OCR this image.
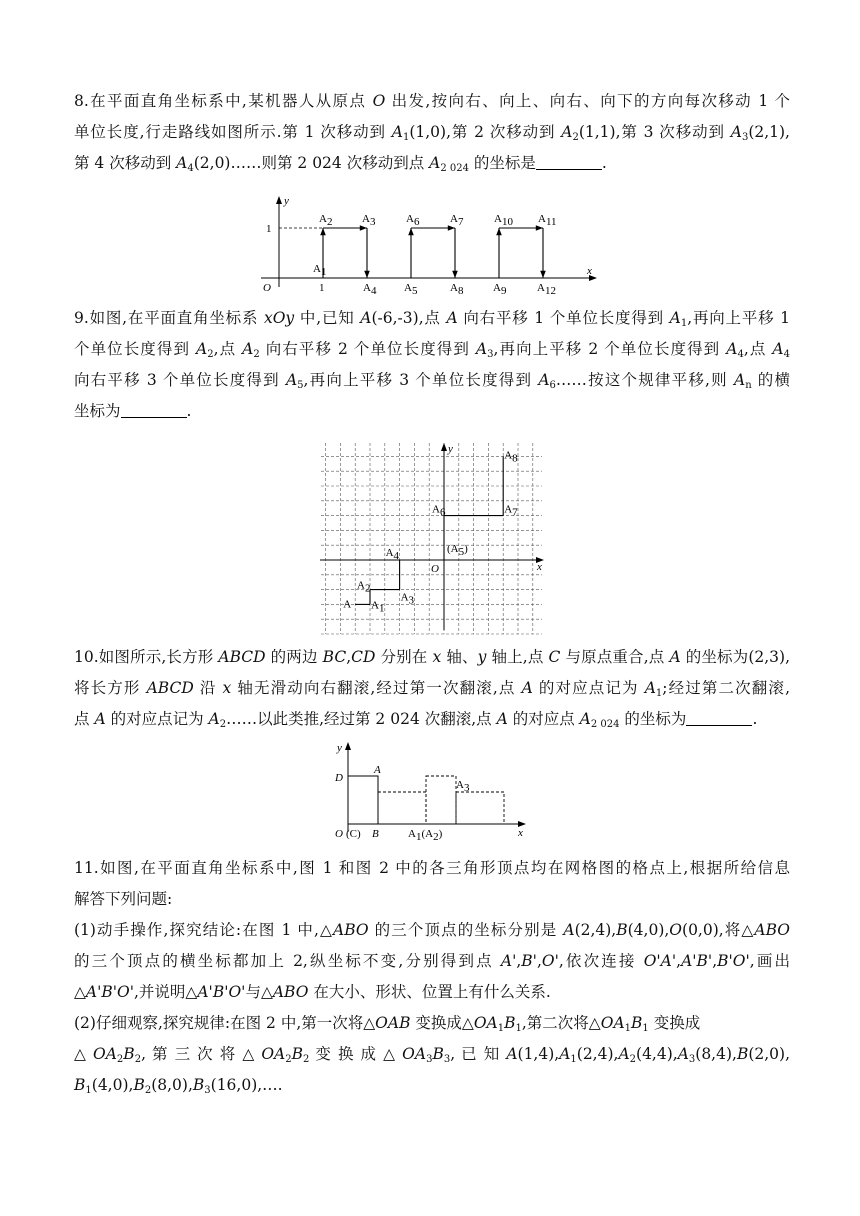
8.在平面直角坐标系中,某机器人从原点 O 出发,按向右、向上、向右、向下的方向每次移动 1 个
单位长度,行走路线如图所示.第 1 次移动到 $A_1(1,0)$,第 2 次移动到 $A_2(1,1)$,第 3 次移动到 $A_3(2,1)$,
第 4 次移动到 $A_4(2,0)\dots\dots$则第 2 024 次移动到点 $A_{2 024}$ 的坐标是	.
x
y
O	1
1
A1
A2	A3
A4	A5
A6	A7
A8	A9
A10 A11
A12
9.如图,在平面直角坐标系 xOy 中,已知 A(-6,-3),点 A 向右平移 1 个单位长度得到 $A_1$,再向上平移 1
个单位长度得到 $A_2$,点 $A_2$ 向右平移 2 个单位长度得到 $A_3$,再向上平移 2 个单位长度得到 $A_4$,点 $A_4$
向右平移 3 个单位长度得到 $A_5$,再向上平移 3 个单位长度得到 $A_6\dots\dots$按这个规律平移,则 $A_n$ 的横
坐标为	.
x
y
O
A A1
A2
A3
A4
A6	A7
A8
(A5)
10.如图所示,长方形 ABCD 的两边 BC,CD 分别在 x 轴、y 轴上,点 C 与原点重合,点 A 的坐标为(2,3),
将长方形 ABCD 沿 x 轴无滑动向右翻滚,经过第一次翻滚,点 A 的对应点记为 $A_1$;经过第二次翻滚,
点 A 的对应点记为 $A_2\dots\dots$以此类推,经过第 2 024 次翻滚,点 A 的对应点 $A_{2 024}$ 的坐标为	.
x
y
O (C) B
D
A
A1(A2)
A3
11.如图,在平面直角坐标系中,图 1 和图 2 中的各三角形顶点均在网格图的格点上,根据所给信息
解答下列问题:
(1)动手操作,探究结论:在图 1 中,△ABO 的三个顶点的坐标分别是 A(2,4),B(4,0),O(0,0),将△ABO
的三个顶点的横坐标都加上 2,纵坐标不变,分别得到点 A',B',O',依次连接 O'A',A'B',B'O',画出
△A'B'O',并说明△A'B'O'与△ABO 在大小、形状、位置上有什么关系.
(2)仔细观察,探究规律:在图 2 中,第一次将△OAB 变换成$\triangle OA_1B_1$,第二次将$\triangle OA_1B_1$ 变换成
△ $OA_2B_2$, 第 三 次 将 △ $OA_2B_2$ 变 换 成 △ $OA_3B_3$, 已 知 $A(1,4),A_1(2,4),A_2(4,4),A_3(8,4),B(2,0)$,
$B_1(4,0),B_2(8,0),B_3(16,0),\dots$.
